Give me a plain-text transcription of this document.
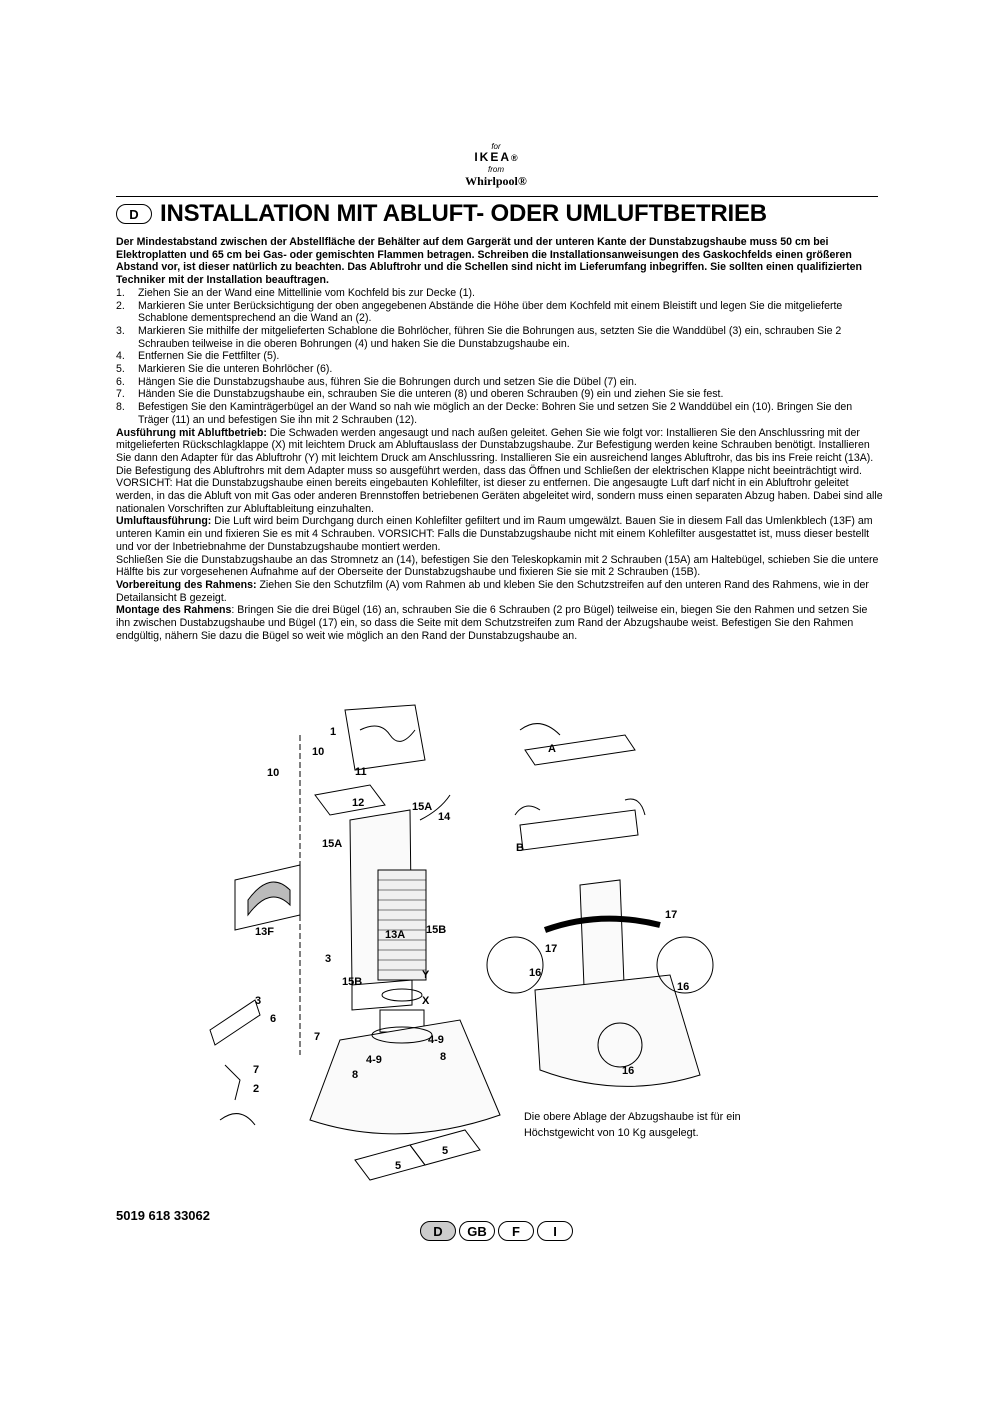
for
IKEA®
from
Whirlpool®
D INSTALLATION MIT ABLUFT- ODER UMLUFTBETRIEB

Der Mindestabstand zwischen der Abstellfläche der Behälter auf dem Gargerät und der unteren Kante der Dunstabzugshaube muss 50 cm bei Elektroplatten und 65 cm bei Gas- oder gemischten Flammen betragen. Schreiben die Installationsanweisungen des Gaskochfelds einen größeren Abstand vor, ist dieser natürlich zu beachten. Das Abluftrohr und die Schellen sind nicht im Lieferumfang inbegriffen. Sie sollten einen qualifizierten Techniker mit der Installation beauftragen.

1. Ziehen Sie an der Wand eine Mittellinie vom Kochfeld bis zur Decke (1).
2. Markieren Sie unter Berücksichtigung der oben angegebenen Abstände die Höhe über dem Kochfeld mit einem Bleistift und legen Sie die mitgelieferte Schablone dementsprechend an die Wand an (2).
3. Markieren Sie mithilfe der mitgelieferten Schablone die Bohrlöcher, führen Sie die Bohrungen aus, setzten Sie die Wanddübel (3) ein, schrauben Sie 2 Schrauben teilweise in die oberen Bohrungen (4) und haken Sie die Dunstabzugshaube ein.
4. Entfernen Sie die Fettfilter (5).
5. Markieren Sie die unteren Bohrlöcher (6).
6. Hängen Sie die Dunstabzugshaube aus, führen Sie die Bohrungen durch und setzen Sie die Dübel (7) ein.
7. Händen Sie die Dunstabzugshaube ein, schrauben Sie die unteren (8) und oberen Schrauben (9) ein und ziehen Sie sie fest.
8. Befestigen Sie den Kaminträgerbügel an der Wand so nah wie möglich an der Decke: Bohren Sie und setzen Sie 2 Wanddübel ein (10). Bringen Sie den Träger (11) an und befestigen Sie ihn mit 2 Schrauben (12).

Ausführung mit Abluftbetrieb: Die Schwaden werden angesaugt und nach außen geleitet. Gehen Sie wie folgt vor: Installieren Sie den Anschlussring mit der mitgelieferten Rückschlagklappe (X) mit leichtem Druck am Abluftauslass der Dunstabzugshaube. Zur Befestigung werden keine Schrauben benötigt. Installieren Sie dann den Adapter für das Abluftrohr (Y) mit leichtem Druck am Anschlussring. Installieren Sie ein ausreichend langes Abluftrohr, das bis ins Freie reicht (13A). Die Befestigung des Abluftrohrs mit dem Adapter muss so ausgeführt werden, dass das Öffnen und Schließen der elektrischen Klappe nicht beeinträchtigt wird. VORSICHT: Hat die Dunstabzugshaube einen bereits eingebauten Kohlefilter, ist dieser zu entfernen. Die angesaugte Luft darf nicht in ein Abluftrohr geleitet werden, in das die Abluft von mit Gas oder anderen Brennstoffen betriebenen Geräten abgeleitet wird, sondern muss einen separaten Abzug haben. Dabei sind alle nationalen Vorschriften zur Abluftableitung einzuhalten.

Umluftausführung: Die Luft wird beim Durchgang durch einen Kohlefilter gefiltert und im Raum umgewälzt. Bauen Sie in diesem Fall das Umlenkblech (13F) am unteren Kamin ein und fixieren Sie es mit 4 Schrauben. VORSICHT: Falls die Dunstabzugshaube nicht mit einem Kohlefilter ausgestattet ist, muss dieser bestellt und vor der Inbetriebnahme der Dunstabzugshaube montiert werden.

Schließen Sie die Dunstabzugshaube an das Stromnetz an (14), befestigen Sie den Teleskopkamin mit 2 Schrauben (15A) am Haltebügel, schieben Sie die untere Hälfte bis zur vorgesehenen Aufnahme auf der Oberseite der Dunstabzugshaube und fixieren Sie sie mit 2 Schrauben (15B).

Vorbereitung des Rahmens: Ziehen Sie den Schutzfilm (A) vom Rahmen ab und kleben Sie den Schutzstreifen auf den unteren Rand des Rahmens, wie in der Detailansicht B gezeigt.

Montage des Rahmens: Bringen Sie die drei Bügel (16) an, schrauben Sie die 6 Schrauben (2 pro Bügel) teilweise ein, biegen Sie den Rahmen und setzen Sie ihn zwischen Dustabzugshaube und Bügel (17) ein, so dass die Seite mit dem Schutzstreifen zum Rand der Abzugshaube weist. Befestigen Sie den Rahmen endgültig, nähern Sie dazu die Bügel so weit wie möglich an den Rand der Dunstabzugshaube an.

1
10
10	11
12	15A
14
15A
13F	13A 15B
3
15B
Y
X
3
6
7	4-9
8
4-9
8
7
2
5
5
A
B
17
17
16
16
16
Die obere Ablage der Abzugshaube ist für ein Höchstgewicht von 10 Kg ausgelegt.
5019 618 33062
D	GB	F	I
